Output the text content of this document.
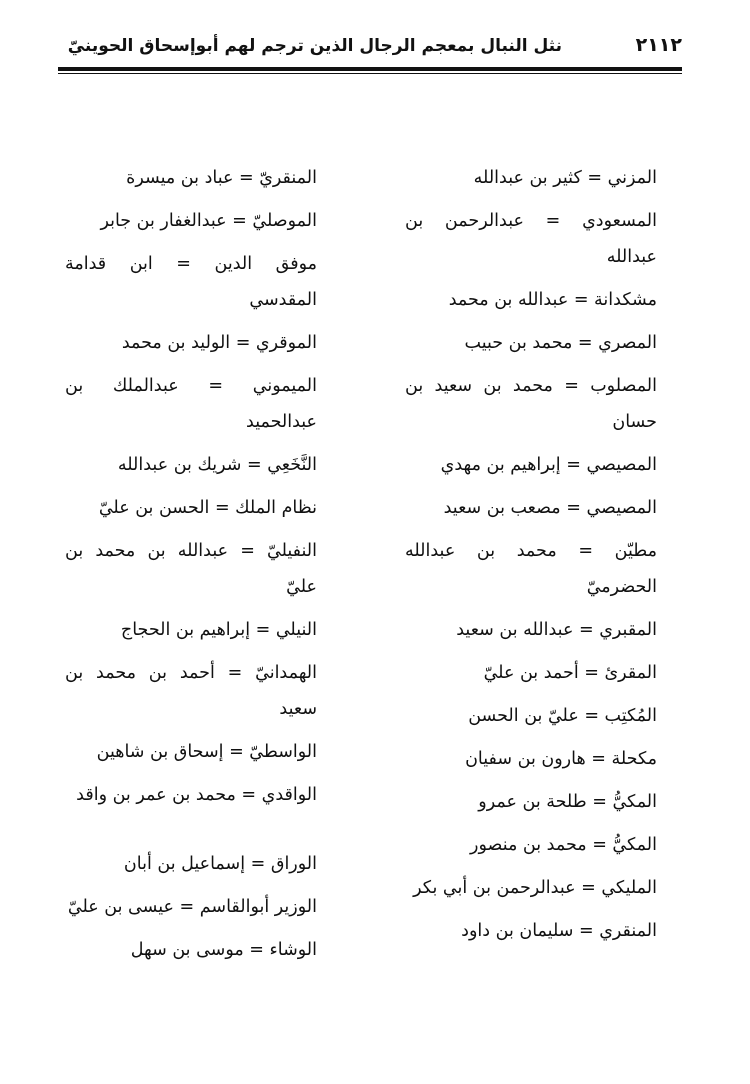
٢١١٢
نثل النبال بمعجم الرجال الذين ترجم لهم أبوإسحاق الحوينيّ
المزني = كثير بن عبدالله
المسعودي = عبدالرحمن بن عبدالله
مشكدانة = عبدالله بن محمد
المصري = محمد بن حبيب
المصلوب = محمد بن سعيد بن حسان
المصيصي = إبراهيم بن مهدي
المصيصي = مصعب بن سعيد
مطيّن = محمد بن عبدالله الحضرميّ
المقبري = عبدالله بن سعيد
المقرئ = أحمد بن عليّ
المُكتِب = عليّ بن الحسن
مكحلة = هارون بن سفيان
المكيُّ = طلحة بن عمرو
المكيُّ = محمد بن منصور
المليكي = عبدالرحمن بن أبي بكر
المنقري = سليمان بن داود
المنقريّ = عباد بن ميسرة
الموصليّ = عبدالغفار بن جابر
موفق الدين = ابن قدامة المقدسي
الموقري = الوليد بن محمد
الميموني = عبدالملك بن عبدالحميد
النَّخَعِي = شريك بن عبدالله
نظام الملك = الحسن بن عليّ
النفيليّ = عبدالله بن محمد بن عليّ
النيلي = إبراهيم بن الحجاج
الهمدانيّ = أحمد بن محمد بن سعيد
الواسطيّ = إسحاق بن شاهين
الواقدي = محمد بن عمر بن واقد
الوراق = إسماعيل بن أبان
الوزير أبوالقاسم = عيسى بن عليّ
الوشاء = موسى بن سهل
